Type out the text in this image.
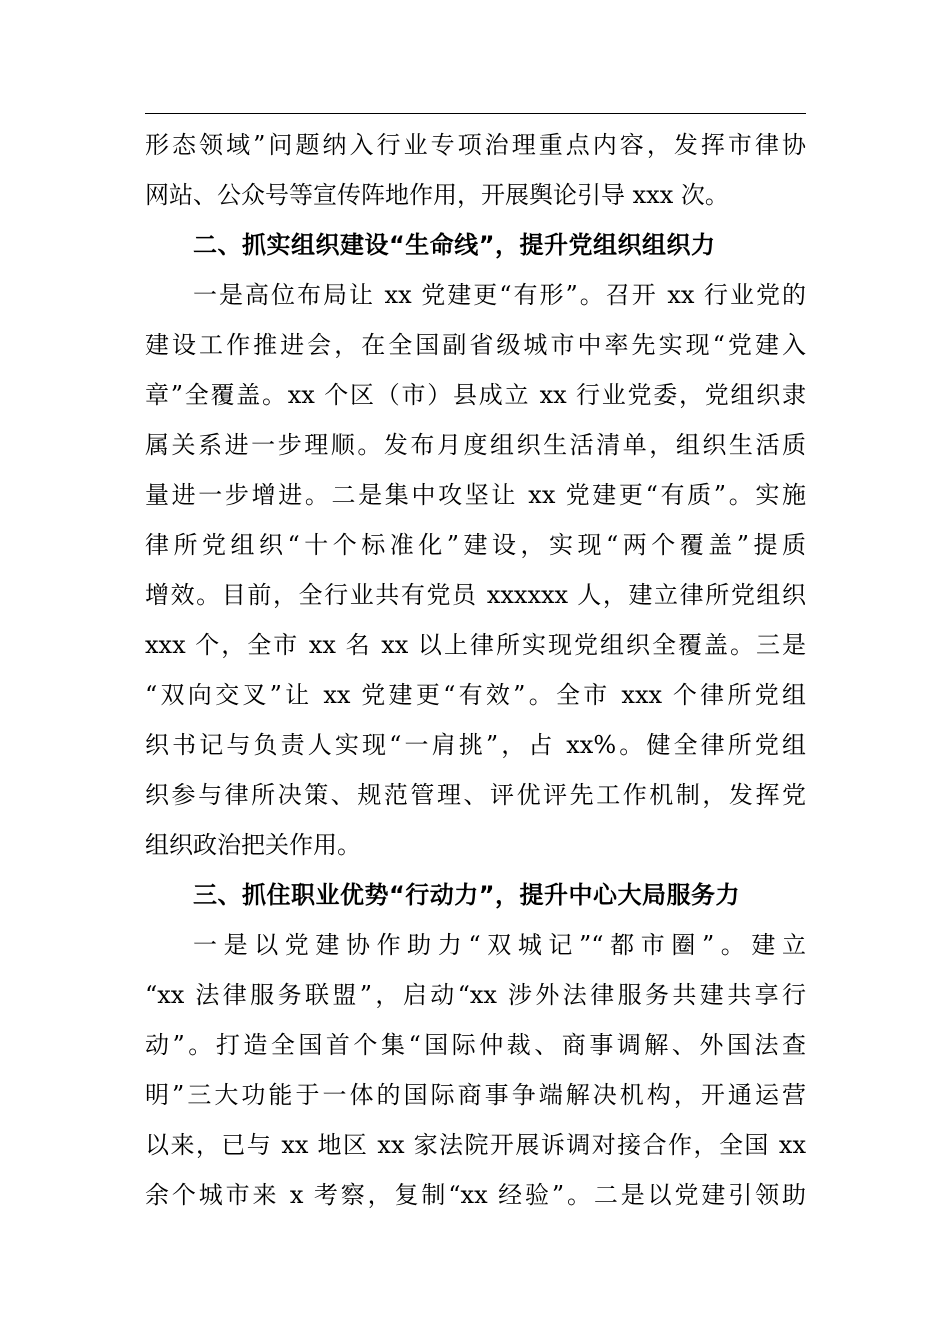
形态领域”问题纳入行业专项治理重点内容，发挥市律协
网站、公众号等宣传阵地作用，开展舆论引导 xxx 次。
二、抓实组织建设“生命线”，提升党组织组织力
一是高位布局让 xx 党建更“有形”。召开 xx 行业党的
建设工作推进会，在全国副省级城市中率先实现“党建入
章”全覆盖。xx 个区（市）县成立 xx 行业党委，党组织隶
属关系进一步理顺。发布月度组织生活清单，组织生活质
量进一步增进。二是集中攻坚让 xx 党建更“有质”。实施
律所党组织“十个标准化”建设，实现“两个覆盖”提质
增效。目前，全行业共有党员 xxxxxx 人，建立律所党组织
xxx 个，全市 xx 名 xx 以上律所实现党组织全覆盖。三是
“双向交叉”让 xx 党建更“有效”。全市 xxx 个律所党组
织书记与负责人实现“一肩挑”，占 xx%。健全律所党组
织参与律所决策、规范管理、评优评先工作机制，发挥党
组织政治把关作用。
三、抓住职业优势“行动力”，提升中心大局服务力
一是以党建协作助力“双城记”“都市圈”。建立
“xx 法律服务联盟”，启动“xx 涉外法律服务共建共享行
动”。打造全国首个集“国际仲裁、商事调解、外国法查
明”三大功能于一体的国际商事争端解决机构，开通运营
以来，已与 xx 地区 xx 家法院开展诉调对接合作，全国 xx
余个城市来 x 考察，复制“xx 经验”。二是以党建引领助
